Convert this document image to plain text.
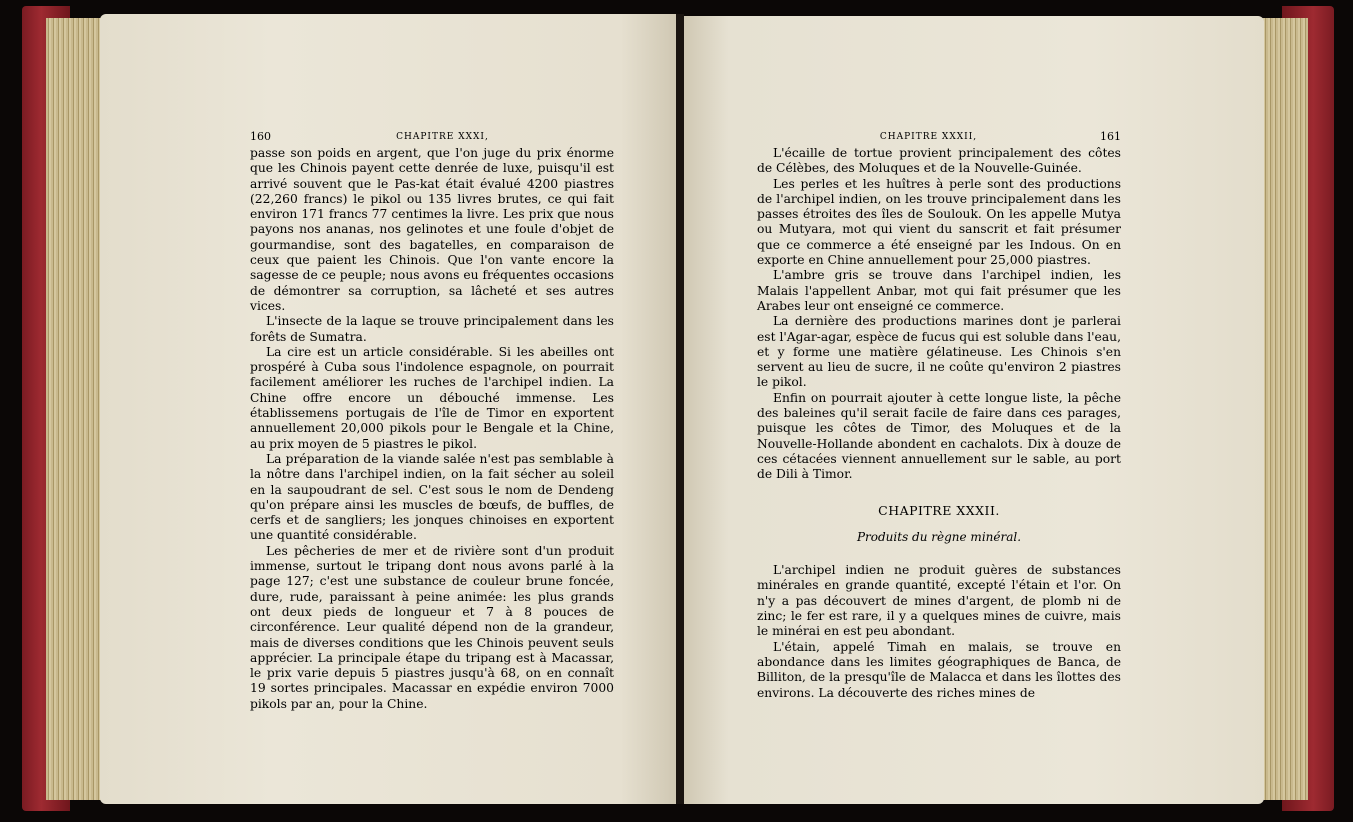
160	CHAPITRE XXXI,

passe son poids en argent, que l'on juge du prix énorme que les Chinois payent cette denrée de luxe, puisqu'il est arrivé souvent que le Pas-kat était évalué 4200 piastres (22,260 francs) le pikol ou 135 livres brutes, ce qui fait environ 171 francs 77 centimes la livre. Les prix que nous payons nos ananas, nos gelinotes et une foule d'objet de gourmandise, sont des bagatelles, en comparaison de ceux que paient les Chinois. Que l'on vante encore la sagesse de ce peuple; nous avons eu fréquentes occasions de démontrer sa corruption, sa lâcheté et ses autres vices.

L'insecte de la laque se trouve principalement dans les forêts de Sumatra.

La cire est un article considérable. Si les abeilles ont prospéré à Cuba sous l'indolence espagnole, on pourrait facilement améliorer les ruches de l'archipel indien. La Chine offre encore un débouché immense. Les établissemens portugais de l'île de Timor en exportent annuellement 20,000 pikols pour le Bengale et la Chine, au prix moyen de 5 piastres le pikol.

La préparation de la viande salée n'est pas semblable à la nôtre dans l'archipel indien, on la fait sécher au soleil en la saupoudrant de sel. C'est sous le nom de Dendeng qu'on prépare ainsi les muscles de bœufs, de buffles, de cerfs et de sangliers; les jonques chinoises en exportent une quantité considérable.

Les pêcheries de mer et de rivière sont d'un produit immense, surtout le tripang dont nous avons parlé à la page 127; c'est une substance de couleur brune foncée, dure, rude, paraissant à peine animée: les plus grands ont deux pieds de longueur et 7 à 8 pouces de circonférence. Leur qualité dépend non de la grandeur, mais de diverses conditions que les Chinois peuvent seuls apprécier. La principale étape du tripang est à Macassar, le prix varie depuis 5 piastres jusqu'à 68, on en connaît 19 sortes principales. Macassar en expédie environ 7000 pikols par an, pour la Chine.

CHAPITRE XXXII,	161

L'écaille de tortue provient principalement des côtes de Célèbes, des Moluques et de la Nouvelle-Guinée.

Les perles et les huîtres à perle sont des productions de l'archipel indien, on les trouve principalement dans les passes étroites des îles de Soulouk. On les appelle Mutya ou Mutyara, mot qui vient du sanscrit et fait présumer que ce commerce a été enseigné par les Indous. On en exporte en Chine annuellement pour 25,000 piastres.

L'ambre gris se trouve dans l'archipel indien, les Malais l'appellent Anbar, mot qui fait présumer que les Arabes leur ont enseigné ce commerce.

La dernière des productions marines dont je parlerai est l'Agar-agar, espèce de fucus qui est soluble dans l'eau, et y forme une matière gélatineuse. Les Chinois s'en servent au lieu de sucre, il ne coûte qu'environ 2 piastres le pikol.

Enfin on pourrait ajouter à cette longue liste, la pêche des baleines qu'il serait facile de faire dans ces parages, puisque les côtes de Timor, des Moluques et de la Nouvelle-Hollande abondent en cachalots. Dix à douze de ces cétacées viennent annuellement sur le sable, au port de Dili à Timor.

CHAPITRE XXXII.
Produits du règne minéral.

L'archipel indien ne produit guères de substances minérales en grande quantité, excepté l'étain et l'or. On n'y a pas découvert de mines d'argent, de plomb ni de zinc; le fer est rare, il y a quelques mines de cuivre, mais le minérai en est peu abondant.

L'étain, appelé Timah en malais, se trouve en abondance dans les limites géographiques de Banca, de Billiton, de la presqu'île de Malacca et dans les îlottes des environs. La découverte des riches mines de
